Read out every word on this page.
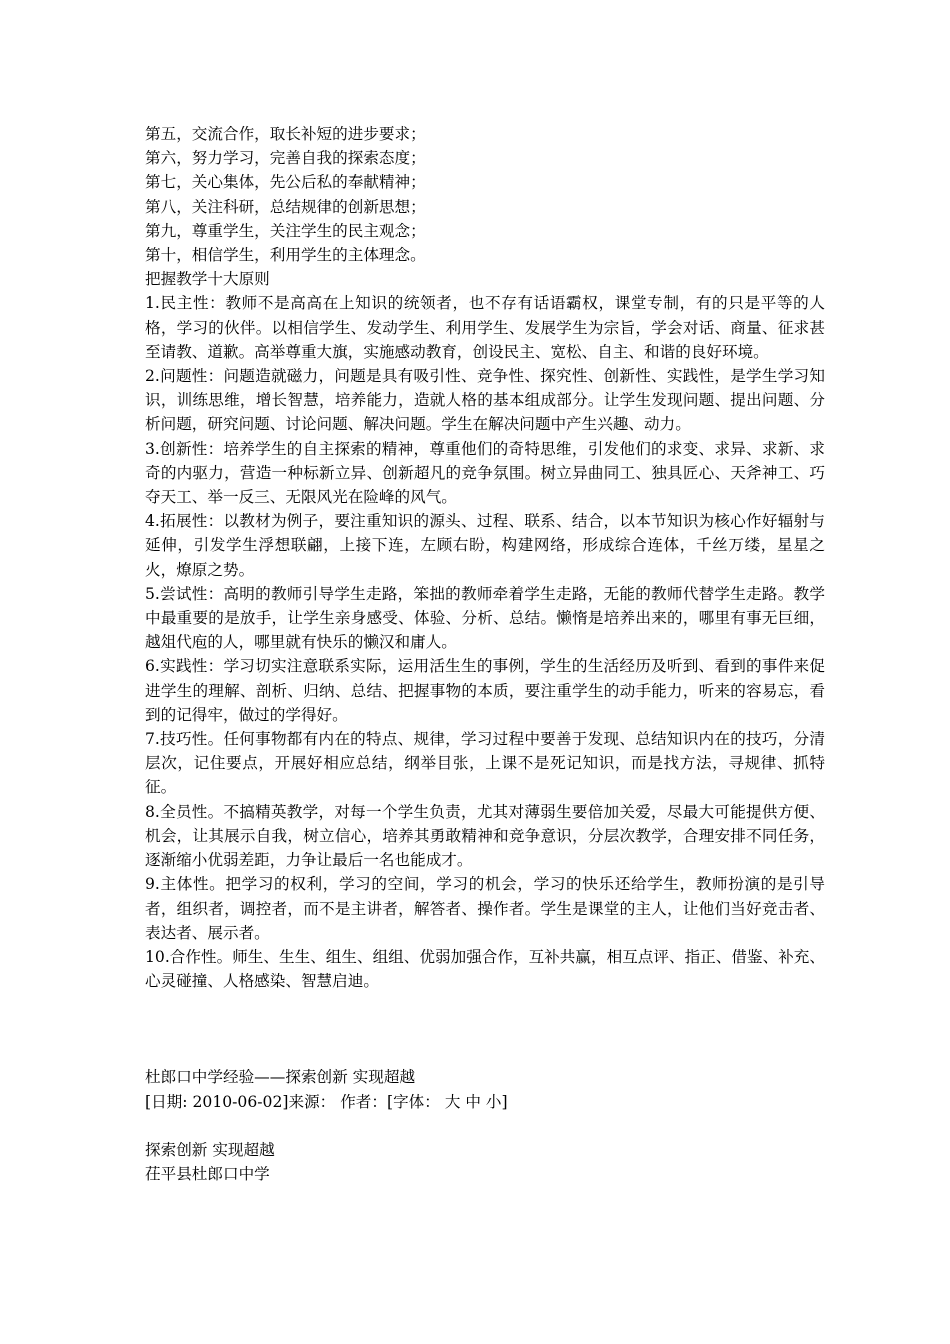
第五，交流合作，取长补短的进步要求；

第六，努力学习，完善自我的探索态度；

第七，关心集体，先公后私的奉献精神；

第八，关注科研，总结规律的创新思想；

第九，尊重学生，关注学生的民主观念；

第十，相信学生，利用学生的主体理念。

把握教学十大原则

1.民主性：教师不是高高在上知识的统领者，也不存有话语霸权，课堂专制，有的只是平等的人格，学习的伙伴。以相信学生、发动学生、利用学生、发展学生为宗旨，学会对话、商量、征求甚至请教、道歉。高举尊重大旗，实施感动教育，创设民主、宽松、自主、和谐的良好环境。

2.问题性：问题造就磁力，问题是具有吸引性、竞争性、探究性、创新性、实践性，是学生学习知识，训练思维，增长智慧，培养能力，造就人格的基本组成部分。让学生发现问题、提出问题、分析问题，研究问题、讨论问题、解决问题。学生在解决问题中产生兴趣、动力。

3.创新性：培养学生的自主探索的精神，尊重他们的奇特思维，引发他们的求变、求异、求新、求奇的内驱力，营造一种标新立异、创新超凡的竞争氛围。树立异曲同工、独具匠心、天斧神工、巧夺天工、举一反三、无限风光在险峰的风气。

4.拓展性：以教材为例子，要注重知识的源头、过程、联系、结合，以本节知识为核心作好辐射与延伸，引发学生浮想联翩，上接下连，左顾右盼，构建网络，形成综合连体，千丝万缕，星星之火，燎原之势。

5.尝试性：高明的教师引导学生走路，笨拙的教师牵着学生走路，无能的教师代替学生走路。教学中最重要的是放手，让学生亲身感受、体验、分析、总结。懒惰是培养出来的，哪里有事无巨细，越俎代庖的人，哪里就有快乐的懒汉和庸人。

6.实践性：学习切实注意联系实际，运用活生生的事例，学生的生活经历及听到、看到的事件来促进学生的理解、剖析、归纳、总结、把握事物的本质，要注重学生的动手能力，听来的容易忘，看到的记得牢，做过的学得好。

7.技巧性。任何事物都有内在的特点、规律，学习过程中要善于发现、总结知识内在的技巧，分清层次，记住要点，开展好相应总结，纲举目张，上课不是死记知识，而是找方法，寻规律、抓特征。

8.全员性。不搞精英教学，对每一个学生负责，尤其对薄弱生要倍加关爱，尽最大可能提供方便、机会，让其展示自我，树立信心，培养其勇敢精神和竞争意识，分层次教学，合理安排不同任务，逐渐缩小优弱差距，力争让最后一名也能成才。

9.主体性。把学习的权利，学习的空间，学习的机会，学习的快乐还给学生，教师扮演的是引导者，组织者，调控者，而不是主讲者，解答者、操作者。学生是课堂的主人，让他们当好竞击者、表达者、展示者。

10.合作性。师生、生生、组生、组组、优弱加强合作，互补共赢，相互点评、指正、借鉴、补充、心灵碰撞、人格感染、智慧启迪。

杜郎口中学经验——探索创新 实现超越

[日期: 2010-06-02]来源： 作者：[字体： 大 中 小]

探索创新 实现超越

茌平县杜郎口中学
